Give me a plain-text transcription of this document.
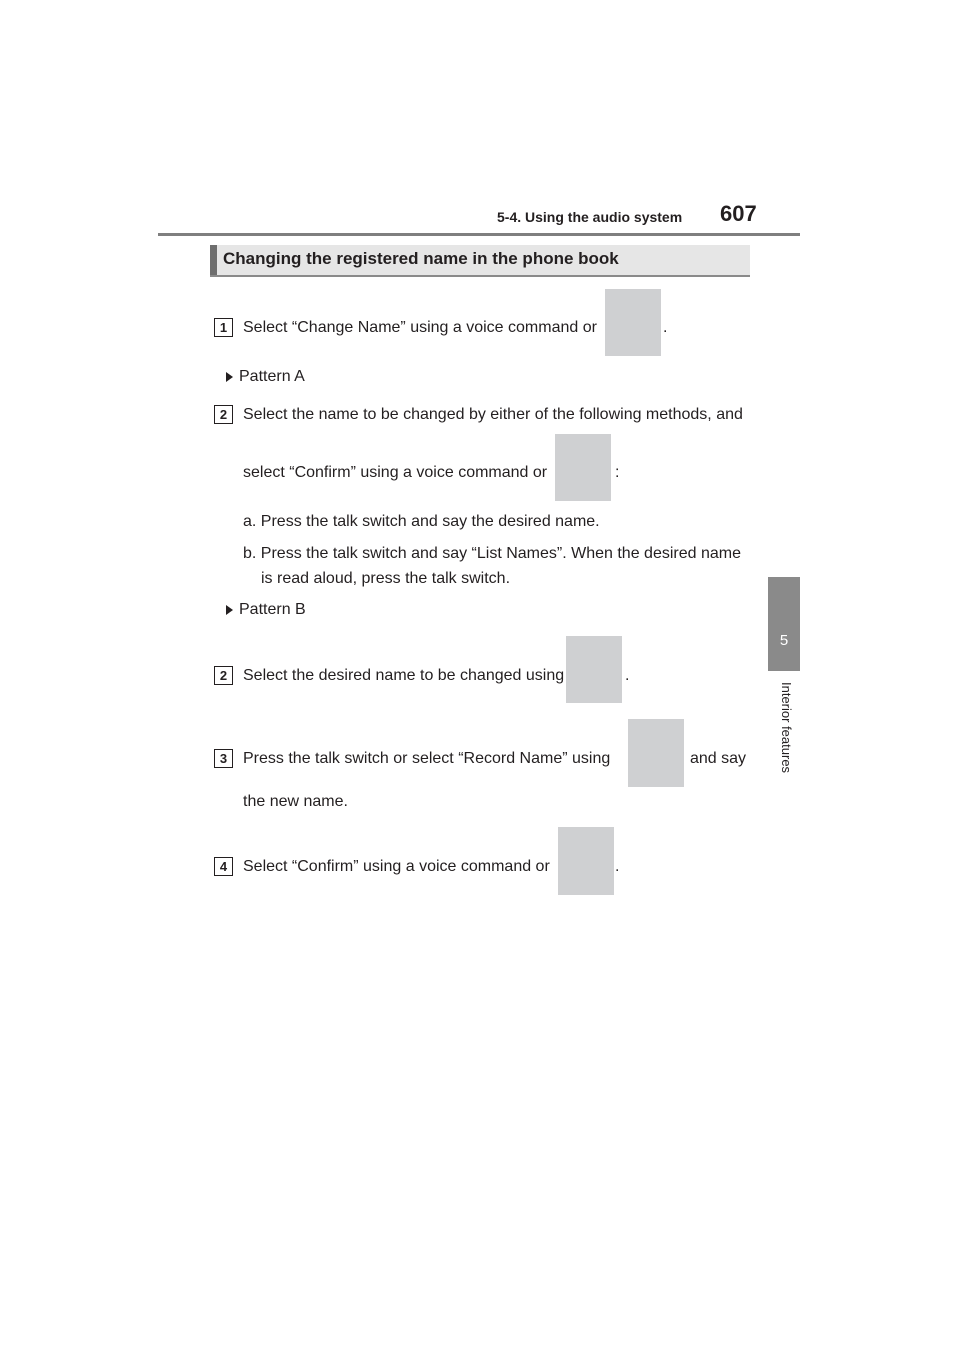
5-4. Using the audio system 607
5
Interior features
Changing the registered name in the phone book
1 Select “Change Name” using a voice command or	.
Pattern A
2 Select the name to be changed by either of the following methods, and
select “Confirm” using a voice command or	:
a. Press the talk switch and say the desired name.
b. Press the talk switch and say “List Names”. When the desired name
is read aloud, press the talk switch.
Pattern B
2 Select the desired name to be changed using	.
3 Press the talk switch or select “Record Name” using	and say
the new name.
4 Select “Confirm” using a voice command or	.
